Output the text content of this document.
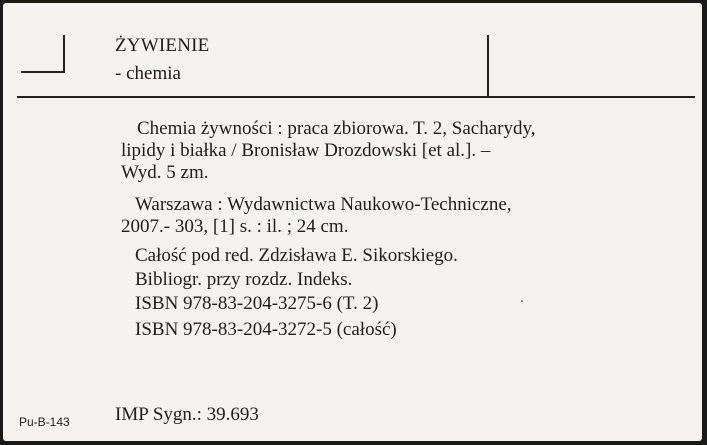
ŻYWIENIE
- chemia
Chemia żywności : praca zbiorowa. T. 2, Sacharydy,
lipidy i białka / Bronisław Drozdowski [et al.]. –
Wyd. 5 zm.
Warszawa : Wydawnictwa Naukowo-Techniczne,
2007.- 303, [1] s. : il. ; 24 cm.
Całość pod red. Zdzisława E. Sikorskiego.
Bibliogr. przy rozdz. Indeks.
ISBN 978-83-204-3275-6 (T. 2)
ISBN 978-83-204-3272-5 (całość)
Pu-B-143 IMP Sygn.: 39.693
